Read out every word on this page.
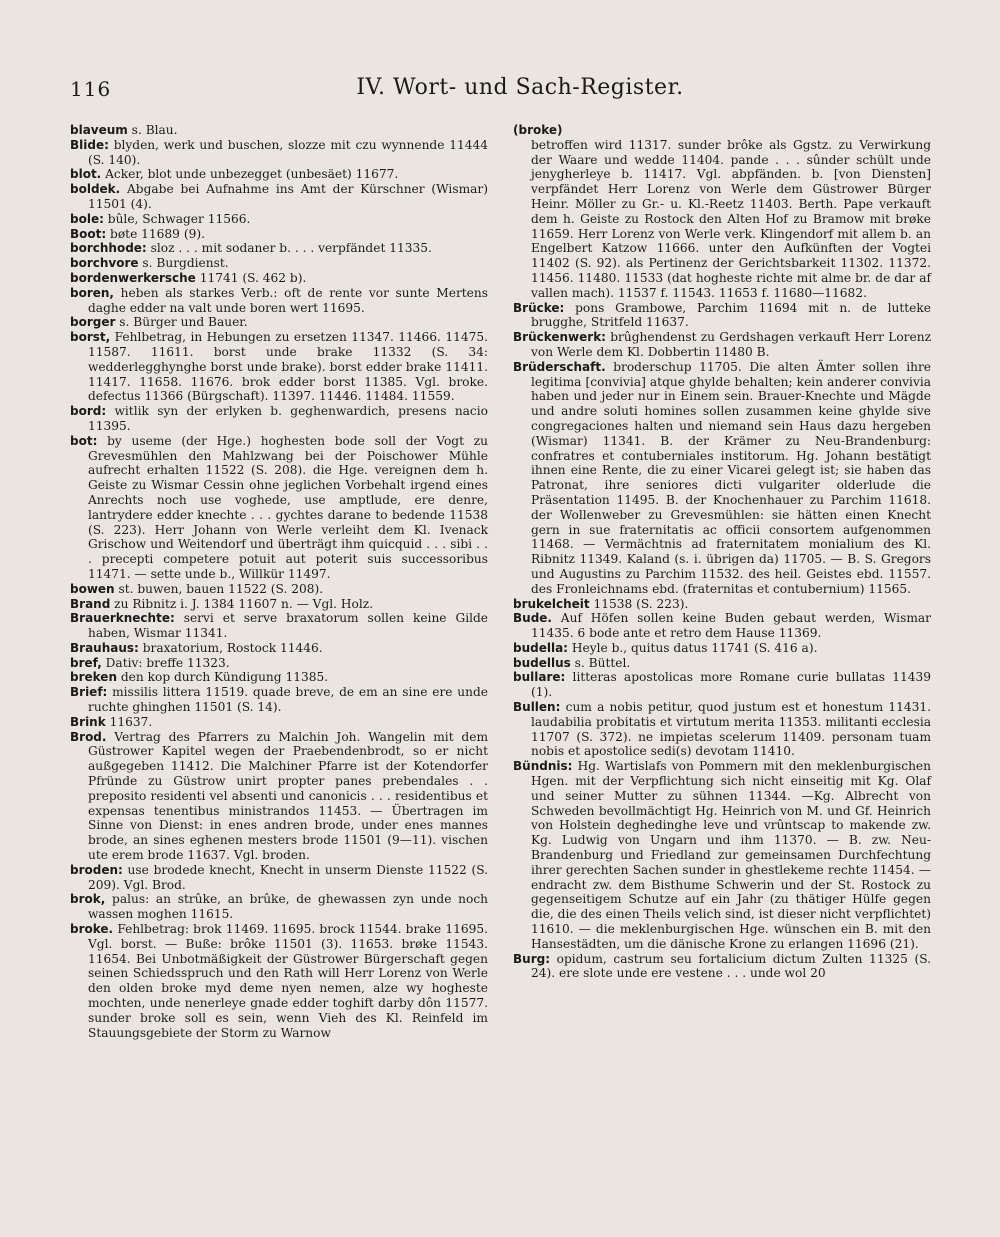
116	IV. Wort- und Sach-Register.

blaveum s. Blau.

Blide: blyden, werk und buschen, slozze mit czu wynnende 11444 (S. 140).

blot. Acker, blot unde unbezegget (unbesäet) 11677.

boldek. Abgabe bei Aufnahme ins Amt der Kürschner (Wismar) 11501 (4).

bole: bûle, Schwager 11566.

Boot: bøte 11689 (9).

borchhode: sloz . . . mit sodaner b. . . . verpfändet 11335.

borchvore s. Burgdienst.

bordenwerkersche 11741 (S. 462 b).

boren, heben als starkes Verb.: oft de rente vor sunte Mertens daghe edder na valt unde boren wert 11695.

borger s. Bürger und Bauer.

borst, Fehlbetrag, in Hebungen zu ersetzen 11347. 11466. 11475. 11587. 11611. borst unde brake 11332 (S. 34: wedderlegghynghe borst unde brake). borst edder brake 11411. 11417. 11658. 11676. brok edder borst 11385. Vgl. broke. defectus 11366 (Bürgschaft). 11397. 11446. 11484. 11559.

bord: witlik syn der erlyken b. geghenwardich, presens nacio 11395.

bot: by useme (der Hge.) hoghesten bode soll der Vogt zu Grevesmühlen den Mahlzwang bei der Poischower Mühle aufrecht erhalten 11522 (S. 208). die Hge. vereignen dem h. Geiste zu Wismar Cessin ohne jeglichen Vorbehalt irgend eines Anrechts noch use voghede, use amptlude, ere denre, lantrydere edder knechte . . . gychtes darane to bedende 11538 (S. 223). Herr Johann von Werle verleiht dem Kl. Ivenack Grischow und Weitendorf und überträgt ihm quicquid . . . sibi . . . precepti competere potuit aut poterit suis successoribus 11471. — sette unde b., Willkür 11497.

bowen st. buwen, bauen 11522 (S. 208).

Brand zu Ribnitz i. J. 1384 11607 n. — Vgl. Holz.

Brauerknechte: servi et serve braxatorum sollen keine Gilde haben, Wismar 11341.

Brauhaus: braxatorium, Rostock 11446.

bref, Dativ: breffe 11323.

breken den kop durch Kündigung 11385.

Brief: missilis littera 11519. quade breve, de em an sine ere unde ruchte ghinghen 11501 (S. 14).

Brink 11637.

Brod. Vertrag des Pfarrers zu Malchin Joh. Wangelin mit dem Güstrower Kapitel wegen der Praebendenbrodt, so er nicht außgegeben 11412. Die Malchiner Pfarre ist der Kotendorfer Pfründe zu Güstrow unirt propter panes prebendales . . preposito residenti vel absenti und canonicis . . . residentibus et expensas tenentibus ministrandos 11453. — Übertragen im Sinne von Dienst: in enes andren brode, under enes mannes brode, an sines eghenen mesters brode 11501 (9—11). vischen ute erem brode 11637. Vgl. broden.

broden: use brodede knecht, Knecht in unserm Dienste 11522 (S. 209). Vgl. Brod.

brok, palus: an strûke, an brûke, de ghewassen zyn unde noch wassen moghen 11615.

broke. Fehlbetrag: brok 11469. 11695. brock 11544. brake 11695. Vgl. borst. — Buße: brôke 11501 (3). 11653. brøke 11543. 11654. Bei Unbotmäßigkeit der Güstrower Bürgerschaft gegen seinen Schiedsspruch und den Rath will Herr Lorenz von Werle den olden broke myd deme nyen nemen, alze wy hogheste mochten, unde nenerleye gnade edder toghift darby dôn 11577. sunder broke soll es sein, wenn Vieh des Kl. Reinfeld im Stauungsgebiete der Storm zu Warnow

(broke)

betroffen wird 11317. sunder brôke als Ggstz. zu Verwirkung der Waare und wedde 11404. pande . . . sûnder schült unde jenygherleye b. 11417. Vgl. abpfänden. b. [von Diensten] verpfändet Herr Lorenz von Werle dem Güstrower Bürger Heinr. Möller zu Gr.- u. Kl.-Reetz 11403. Berth. Pape verkauft dem h. Geiste zu Rostock den Alten Hof zu Bramow mit brøke 11659. Herr Lorenz von Werle verk. Klingendorf mit allem b. an Engelbert Katzow 11666. unter den Aufkünften der Vogtei 11402 (S. 92). als Pertinenz der Gerichtsbarkeit 11302. 11372. 11456. 11480. 11533 (dat hogheste richte mit alme br. de dar af vallen mach). 11537 f. 11543. 11653 f. 11680—11682.

Brücke: pons Grambowe, Parchim 11694 mit n. de lutteke brugghe, Stritfeld 11637.

Brückenwerk: brûghendenst zu Gerdshagen verkauft Herr Lorenz von Werle dem Kl. Dobbertin 11480 B.

Brüderschaft. broderschup 11705. Die alten Ämter sollen ihre legitima [convivia] atque ghylde behalten; kein anderer convivia haben und jeder nur in Einem sein. Brauer-Knechte und Mägde und andre soluti homines sollen zusammen keine ghylde sive congregaciones halten und niemand sein Haus dazu hergeben (Wismar) 11341. B. der Krämer zu Neu-Brandenburg: confratres et contuberniales institorum. Hg. Johann bestätigt ihnen eine Rente, die zu einer Vicarei gelegt ist; sie haben das Patronat, ihre seniores dicti vulgariter olderlude die Präsentation 11495. B. der Knochenhauer zu Parchim 11618. der Wollenweber zu Grevesmühlen: sie hätten einen Knecht gern in sue fraternitatis ac officii consortem aufgenommen 11468. — Vermächtnis ad fraternitatem monialium des Kl. Ribnitz 11349. Kaland (s. i. übrigen da) 11705. — B. S. Gregors und Augustins zu Parchim 11532. des heil. Geistes ebd. 11557. des Fronleichnams ebd. (fraternitas et contubernium) 11565.

brukelcheit 11538 (S. 223).

Bude. Auf Höfen sollen keine Buden gebaut werden, Wismar 11435. 6 bode ante et retro dem Hause 11369.

budella: Heyle b., quitus datus 11741 (S. 416 a).

budellus s. Büttel.

bullare: litteras apostolicas more Romane curie bullatas 11439 (1).

Bullen: cum a nobis petitur, quod justum est et honestum 11431. laudabilia probitatis et virtutum merita 11353. militanti ecclesia 11707 (S. 372). ne impietas scelerum 11409. personam tuam nobis et apostolice sedi(s) devotam 11410.

Bündnis: Hg. Wartislafs von Pommern mit den meklenburgischen Hgen. mit der Verpflichtung sich nicht einseitig mit Kg. Olaf und seiner Mutter zu sühnen 11344. —Kg. Albrecht von Schweden bevollmächtigt Hg. Heinrich von M. und Gf. Heinrich von Holstein deghedinghe leve und vrûntscap to makende zw. Kg. Ludwig von Ungarn und ihm 11370. — B. zw. Neu-Brandenburg und Friedland zur gemeinsamen Durchfechtung ihrer gerechten Sachen sunder in ghestlekeme rechte 11454. — endracht zw. dem Bisthume Schwerin und der St. Rostock zu gegenseitigem Schutze auf ein Jahr (zu thätiger Hülfe gegen die, die des einen Theils velich sind, ist dieser nicht verpflichtet) 11610. — die meklenburgischen Hge. wünschen ein B. mit den Hansestädten, um die dänische Krone zu erlangen 11696 (21).

Burg: opidum, castrum seu fortalicium dictum Zulten 11325 (S. 24). ere slote unde ere vestene . . . unde wol 20
